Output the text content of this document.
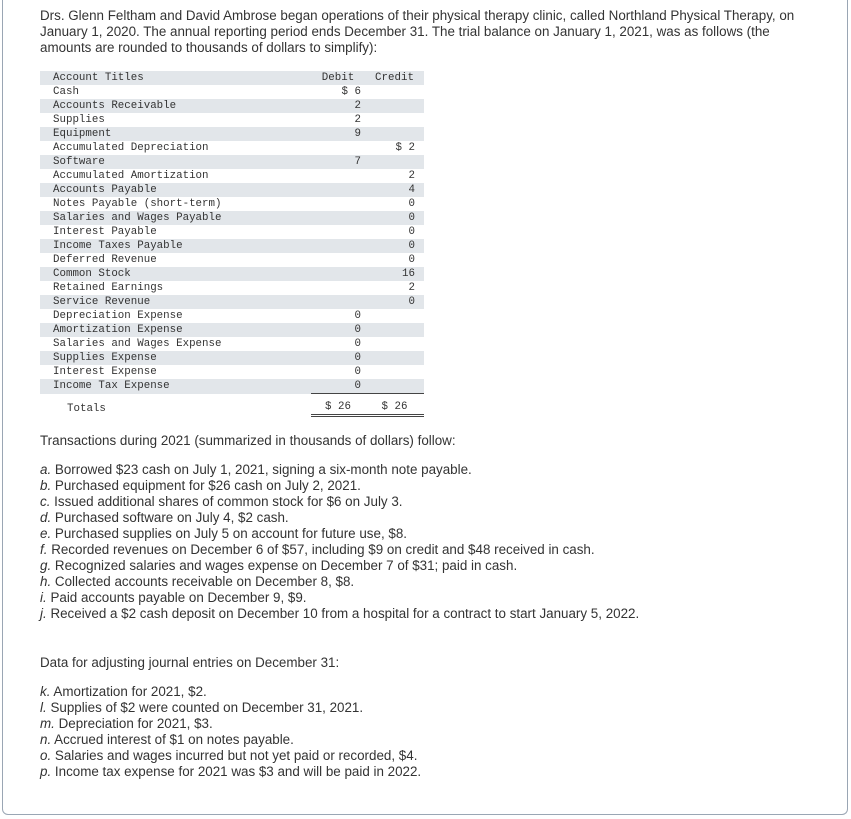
Drs. Glenn Feltham and David Ambrose began operations of their physical therapy clinic, called Northland Physical Therapy, on January 1, 2020. The annual reporting period ends December 31. The trial balance on January 1, 2021, was as follows (the amounts are rounded to thousands of dollars to simplify):

Account Titles	Debit	Credit
Cash	$ 6	
Accounts Receivable	2	
Supplies	2	
Equipment	9	
Accumulated Depreciation		$ 2
Software	7	
Accumulated Amortization		2
Accounts Payable		4
Notes Payable (short-term)		0
Salaries and Wages Payable		0
Interest Payable		0
Income Taxes Payable		0
Deferred Revenue		0
Common Stock		16
Retained Earnings		2
Service Revenue		0
Depreciation Expense	0	
Amortization Expense	0	
Salaries and Wages Expense	0	
Supplies Expense	0	
Interest Expense	0	
Income Tax Expense	0	
Totals	$ 26	$ 26

Transactions during 2021 (summarized in thousands of dollars) follow:

a. Borrowed $23 cash on July 1, 2021, signing a six-month note payable.
b. Purchased equipment for $26 cash on July 2, 2021.
c. Issued additional shares of common stock for $6 on July 3.
d. Purchased software on July 4, $2 cash.
e. Purchased supplies on July 5 on account for future use, $8.
f. Recorded revenues on December 6 of $57, including $9 on credit and $48 received in cash.
g. Recognized salaries and wages expense on December 7 of $31; paid in cash.
h. Collected accounts receivable on December 8, $8.
i. Paid accounts payable on December 9, $9.
j. Received a $2 cash deposit on December 10 from a hospital for a contract to start January 5, 2022.

Data for adjusting journal entries on December 31:

k. Amortization for 2021, $2.
l. Supplies of $2 were counted on December 31, 2021.
m. Depreciation for 2021, $3.
n. Accrued interest of $1 on notes payable.
o. Salaries and wages incurred but not yet paid or recorded, $4.
p. Income tax expense for 2021 was $3 and will be paid in 2022.
